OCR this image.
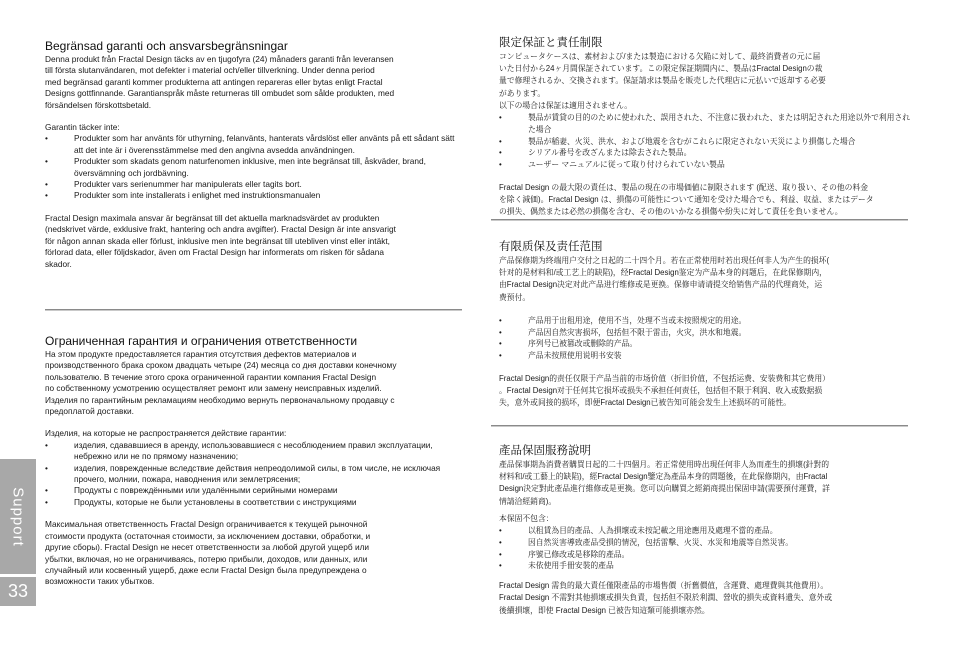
Support
33
Begränsad garanti och ansvarsbegränsningar

Denna produkt från Fractal Design täcks av en tjugofyra (24) månaders garanti från leveransen

till första slutanvändaren, mot defekter i material och/eller tillverkning. Under denna period

med begränsad garanti kommer produkterna att antingen repareras eller bytas enligt Fractal

Designs gottfinnande. Garantianspråk måste returneras till ombudet som sålde produkten, med

försändelsen förskottsbetald.

Garantin täcker inte:

• Produkter som har använts för uthyrning, felanvänts, hanterats vårdslöst eller använts på ett sådant sätt att det inte är i överensstämmelse med den angivna avsedda användningen.
• Produkter som skadats genom naturfenomen inklusive, men inte begränsat till, åskväder, brand, översvämning och jordbävning.
• Produkter vars serienummer har manipulerats eller tagits bort.
• Produkter som inte installerats i enlighet med instruktionsmanualen

Fractal Design maximala ansvar är begränsat till det aktuella marknadsvärdet av produkten

(nedskrivet värde, exklusive frakt, hantering och andra avgifter). Fractal Design är inte ansvarigt

för någon annan skada eller förlust, inklusive men inte begränsat till utebliven vinst eller intäkt,

förlorad data, eller följdskador, även om Fractal Design har informerats om risken för sådana

skador.

Ограниченная гарантия и ограничения ответственности

На этом продукте предоставляется гарантия отсутствия дефектов материалов и

производственного брака сроком двадцать четыре (24) месяца со дня доставки конечному

пользователю. В течение этого срока ограниченной гарантии компания Fractal Design

по собственному усмотрению осуществляет ремонт или замену неисправных изделий.

Изделия по гарантийным рекламациям необходимо вернуть первоначальному продавцу с

предоплатой доставки.

Изделия, на которые не распространяется действие гарантии:

• изделия, сдававшиеся в аренду, использовавшиеся с несоблюдением правил эксплуатации, небрежно или не по прямому назначению;
• изделия, поврежденные вследствие действия непреодолимой силы, в том числе, не исключая прочего, молнии, пожара, наводнения или землетрясения;
• Продукты с повреждёнными или удалёнными серийными номерами
• Продукты, которые не были установлены в соответствии с инструкциями

Максимальная ответственность Fractal Design ограничивается к текущей рыночной

стоимости продукта (остаточная стоимости, за исключением доставки, обработки, и

другие сборы). Fractal Design не несет ответственности за любой другой ущерб или

убытки, включая, но не ограничиваясь, потерю прибыли, доходов, или данных, или

случайный или косвенный ущерб, даже если Fractal Design была предупреждена о

возможности таких убытков.

限定保証と責任制限

コンピュータケースは、素材および/または製造における欠陥に対して、最終消費者の元に届

いた日付から24ヶ月間保証されています。この限定保証期間内に、製品はFractal Designの裁

量で修理されるか、交換されます。保証請求は製品を販売した代理店に元払いで返却する必要

があります。

以下の場合は保証は適用されません。

• 製品が賃貸の目的のために使われた、誤用された、不注意に扱われた、または明記された用途以外で利用された場合
• 製品が稲妻、火災、洪水、および地震を含むがこれらに限定されない天災により損傷した場合
• シリアル番号を改ざんまたは除去された製品。
• ユーザー マニュアルに従って取り付けられていない製品

Fractal Design の最大限の責任は、製品の現在の市場価値に制限されます (配送、取り扱い、その他の料金

を除く減価)。Fractal Design は、損傷の可能性について通知を受けた場合でも、利益、収益、またはデータ

の損失、偶然または必然の損傷を含む、その他のいかなる損傷や紛失に対して責任を負いません。

有限质保及责任范围

产品保修期为终端用户交付之日起的二十四个月。若在正常使用时若出现任何非人为产生的损坏(

针对的是材料和/或工艺上的缺陷)，经Fractal Design鉴定为产品本身的问题后，在此保修期内，

由Fractal Design决定对此产品进行维修或是更换。保修申请请提交给销售产品的代理商处，运

费预付。

• 产品用于出租用途，使用不当，处理不当或未按照规定的用途。
• 产品因自然灾害损坏，包括但不限于雷击，火灾，洪水和地震。
• 序列号已被篡改或删除的产品。
• 产品未按照使用说明书安装

Fractal Design的责任仅限于产品当前的市场价值（折旧价值，不包括运费、安装费和其它费用）

。Fractal Design对于任何其它损坏或损失不承担任何责任，包括但不限于利润、收入或数据损

失，意外或间接的损坏，即便Fractal Design已被告知可能会发生上述损坏的可能性。

產品保固服務說明

產品保事期為消費者購買日起的二十四個月。若正常使用時出現任何非人為而產生的損壞(針對的

材料和/或工藝上的缺陷)，經Fractal Design鑒定為產品本身的問題後，在此保修期內，由Fractal

Design決定對此產品進行維修或是更換。您可以向購買之經銷商提出保固申請(需要預付運費，詳

情請洽經銷商)。

本保固不包含：

• 以租賃為目的產品、人為損壞或未按記載之用途應用及處理不當的產品。
• 因自然災害導致產品受損的情況，包括雷擊、火災、水災和地震等自然災害。
• 序號已修改或是移除的產品。
• 未依使用手冊安裝的產品

Fractal Design 需負的最大責任僅限產品的市場售價（折舊價值，含運費、處理費與其他費用）。

Fractal Design 不需對其他損壞或損失負責，包括但不限於利潤、營收的損失或資料遺失、意外或

後續損壞，即使 Fractal Design 已被告知這類可能損壞亦然。
